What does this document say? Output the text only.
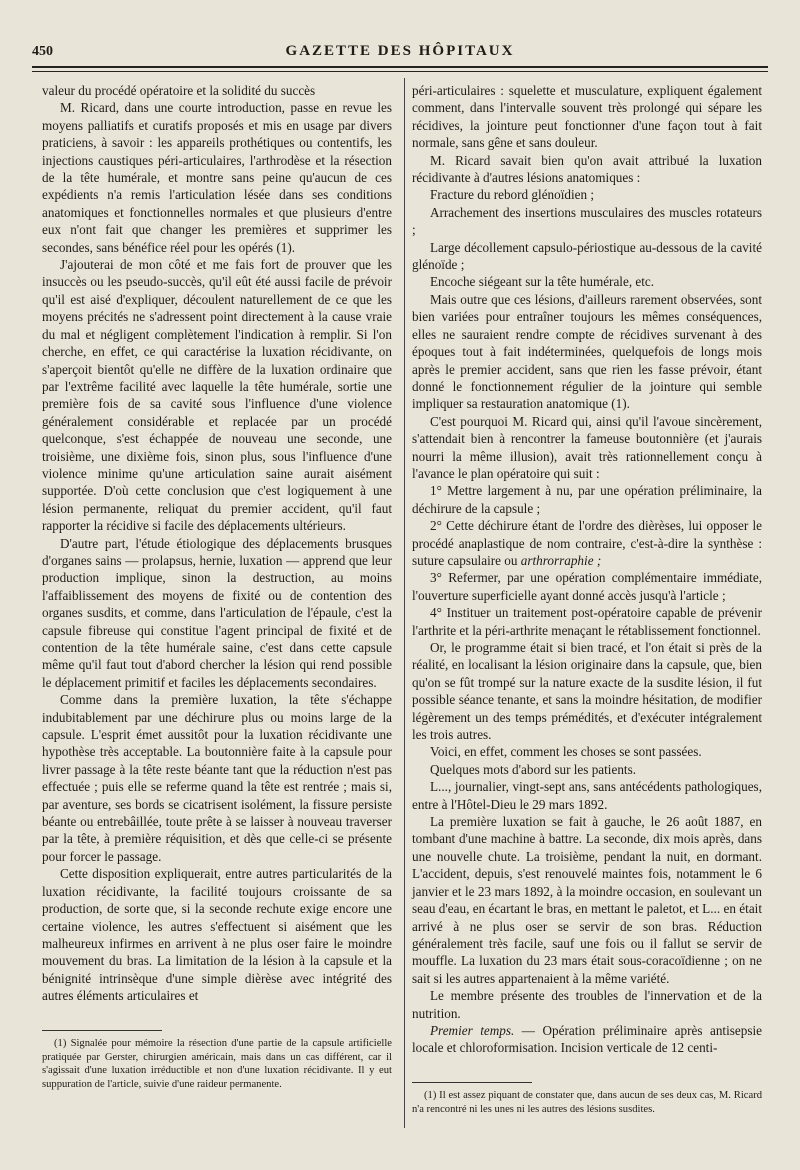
450	GAZETTE DES HÔPITAUX

valeur du procédé opératoire et la solidité du succès

M. Ricard, dans une courte introduction, passe en revue les moyens palliatifs et curatifs proposés et mis en usage par divers praticiens, à savoir : les appareils prothétiques ou contentifs, les injections caustiques péri-articulaires, l'arthrodèse et la résection de la tête humérale, et montre sans peine qu'aucun de ces expédients n'a remis l'articulation lésée dans ses conditions anatomiques et fonctionnelles normales et que plusieurs d'entre eux n'ont fait que changer les premières et supprimer les secondes, sans bénéfice réel pour les opérés (1).

J'ajouterai de mon côté et me fais fort de prouver que les insuccès ou les pseudo-succès, qu'il eût été aussi facile de prévoir qu'il est aisé d'expliquer, découlent naturellement de ce que les moyens précités ne s'adressent point directement à la cause vraie du mal et négligent complètement l'indication à remplir. Si l'on cherche, en effet, ce qui caractérise la luxation récidivante, on s'aperçoit bientôt qu'elle ne diffère de la luxation ordinaire que par l'extrême facilité avec laquelle la tête humérale, sortie une première fois de sa cavité sous l'influence d'une violence généralement considérable et replacée par un procédé quelconque, s'est échappée de nouveau une seconde, une troisième, une dixième fois, sinon plus, sous l'influence d'une violence minime qu'une articulation saine aurait aisément supportée. D'où cette conclusion que c'est logiquement à une lésion permanente, reliquat du premier accident, qu'il faut rapporter la récidive si facile des déplacements ultérieurs.

D'autre part, l'étude étiologique des déplacements brusques d'organes sains — prolapsus, hernie, luxation — apprend que leur production implique, sinon la destruction, au moins l'affaiblissement des moyens de fixité ou de contention des organes susdits, et comme, dans l'articulation de l'épaule, c'est la capsule fibreuse qui constitue l'agent principal de fixité et de contention de la tête humérale saine, c'est dans cette capsule même qu'il faut tout d'abord chercher la lésion qui rend possible le déplacement primitif et faciles les déplacements secondaires.

Comme dans la première luxation, la tête s'échappe indubitablement par une déchirure plus ou moins large de la capsule. L'esprit émet aussitôt pour la luxation récidivante une hypothèse très acceptable. La boutonnière faite à la capsule pour livrer passage à la tête reste béante tant que la réduction n'est pas effectuée ; puis elle se referme quand la tête est rentrée ; mais si, par aventure, ses bords se cicatrisent isolément, la fissure persiste béante ou entrebâillée, toute prête à se laisser à nouveau traverser par la tête, à première réquisition, et dès que celle-ci se présente pour forcer le passage.

Cette disposition expliquerait, entre autres particularités de la luxation récidivante, la facilité toujours croissante de sa production, de sorte que, si la seconde rechute exige encore une certaine violence, les autres s'effectuent si aisément que les malheureux infirmes en arrivent à ne plus oser faire le moindre mouvement du bras. La limitation de la lésion à la capsule et la bénignité intrinsèque d'une simple dièrèse avec intégrité des autres éléments articulaires et

péri-articulaires : squelette et musculature, expliquent également comment, dans l'intervalle souvent très prolongé qui sépare les récidives, la jointure peut fonctionner d'une façon tout à fait normale, sans gêne et sans douleur.

M. Ricard savait bien qu'on avait attribué la luxation récidivante à d'autres lésions anatomiques :

Fracture du rebord glénoïdien ;

Arrachement des insertions musculaires des muscles rotateurs ;

Large décollement capsulo-périostique au-dessous de la cavité glénoïde ;

Encoche siégeant sur la tête humérale, etc.

Mais outre que ces lésions, d'ailleurs rarement observées, sont bien variées pour entraîner toujours les mêmes conséquences, elles ne sauraient rendre compte de récidives survenant à des époques tout à fait indéterminées, quelquefois de longs mois après le premier accident, sans que rien les fasse prévoir, étant donné le fonctionnement régulier de la jointure qui semble impliquer sa restauration anatomique (1).

C'est pourquoi M. Ricard qui, ainsi qu'il l'avoue sincèrement, s'attendait bien à rencontrer la fameuse boutonnière (et j'aurais nourri la même illusion), avait très rationnellement conçu à l'avance le plan opératoire qui suit :

1° Mettre largement à nu, par une opération préliminaire, la déchirure de la capsule ;

2° Cette déchirure étant de l'ordre des dièrèses, lui opposer le procédé anaplastique de nom contraire, c'est-à-dire la synthèse : suture capsulaire ou arthrorraphie ;

3° Refermer, par une opération complémentaire immédiate, l'ouverture superficielle ayant donné accès jusqu'à l'article ;

4° Instituer un traitement post-opératoire capable de prévenir l'arthrite et la péri-arthrite menaçant le rétablissement fonctionnel.

Or, le programme était si bien tracé, et l'on était si près de la réalité, en localisant la lésion originaire dans la capsule, que, bien qu'on se fût trompé sur la nature exacte de la susdite lésion, il fut possible séance tenante, et sans la moindre hésitation, de modifier légèrement un des temps prémédités, et d'exécuter intégralement les trois autres.

Voici, en effet, comment les choses se sont passées.

Quelques mots d'abord sur les patients.

L..., journalier, vingt-sept ans, sans antécédents pathologiques, entre à l'Hôtel-Dieu le 29 mars 1892.

La première luxation se fait à gauche, le 26 août 1887, en tombant d'une machine à battre. La seconde, dix mois après, dans une nouvelle chute. La troisième, pendant la nuit, en dormant. L'accident, depuis, s'est renouvelé maintes fois, notamment le 6 janvier et le 23 mars 1892, à la moindre occasion, en soulevant un seau d'eau, en écartant le bras, en mettant le paletot, et L... en était arrivé à ne plus oser se servir de son bras. Réduction généralement très facile, sauf une fois ou il fallut se servir de mouffle. La luxation du 23 mars était sous-coracoïdienne ; on ne sait si les autres appartenaient à la même variété.

Le membre présente des troubles de l'innervation et de la nutrition.

Premier temps. — Opération préliminaire après antisepsie locale et chloroformisation. Incision verticale de 12 centi-

(1) Signalée pour mémoire la résection d'une partie de la capsule artificielle pratiquée par Gerster, chirurgien américain, mais dans un cas différent, car il s'agissait d'une luxation irréductible et non d'une luxation récidivante. Il y eut suppuration de l'article, suivie d'une raideur permanente.

(1) Il est assez piquant de constater que, dans aucun de ses deux cas, M. Ricard n'a rencontré ni les unes ni les autres des lésions susdites.
